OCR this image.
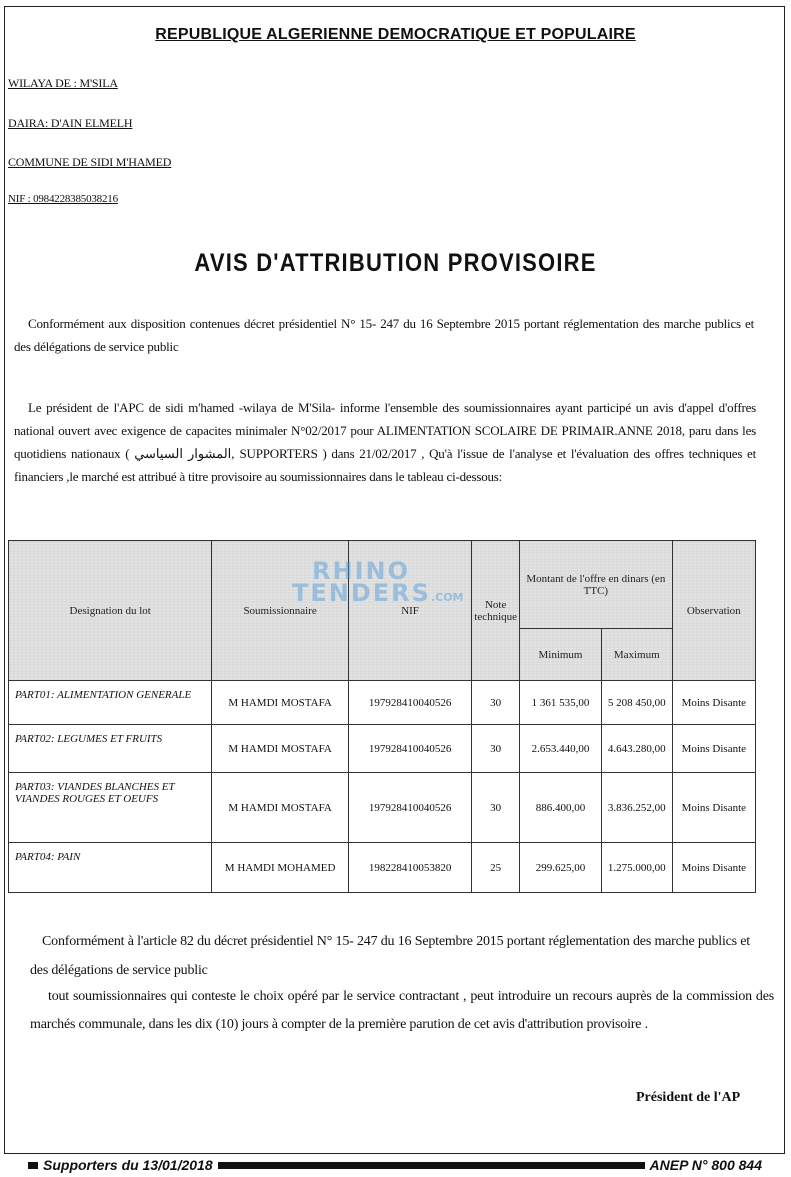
REPUBLIQUE ALGERIENNE DEMOCRATIQUE ET POPULAIRE
WILAYA DE : M'SILA
DAIRA: D'AIN ELMELH
COMMUNE DE SIDI M'HAMED
NIF : 0984228385038216
AVIS D'ATTRIBUTION PROVISOIRE

Conformément aux disposition contenues décret présidentiel N° 15- 247 du 16 Septembre 2015 portant réglementation des marche publics et des délégations de service public

Le président de l'APC de sidi m'hamed -wilaya de M'Sila- informe l'ensemble des soumissionnaires ayant participé un avis d'appel d'offres national ouvert avec exigence de capacites minimaler N°02/2017 pour ALIMENTATION SCOLAIRE DE PRIMAIR.ANNE 2018, paru dans les quotidiens nationaux ( المشوار السياسي, SUPPORTERS ) dans 21/02/2017 , Qu'à l'issue de l'analyse et l'évaluation des offres techniques et financiers ,le marché est attribué à titre provisoire au soumissionnaires dans le tableau ci-dessous:

Designation du lot	Soumissionnaire	NIF	Note technique	Montant de l'offre en dinars (en TTC)		Observation
				Minimum	Maximum	
PART01: ALIMENTATION GENERALE	M HAMDI MOSTAFA	197928410040526	30	1 361 535,00	5 208 450,00	Moins Disante
PART02: LEGUMES ET FRUITS	M HAMDI MOSTAFA	197928410040526	30	2.653.440,00	4.643.280,00	Moins Disante
PART03: VIANDES BLANCHES ET VIANDES ROUGES ET OEUFS	M HAMDI MOSTAFA	197928410040526	30	886.400,00	3.836.252,00	Moins Disante
PART04: PAIN	M HAMDI MOHAMED	198228410053820	25	299.625,00	1.275.000,00	Moins Disante
RHINO
TENDERS.COM

Conformément à l'article 82 du décret présidentiel N° 15- 247 du 16 Septembre 2015 portant réglementation des marche publics et des délégations de service public

tout soumissionnaires qui conteste le choix opéré par le service contractant , peut introduire un recours auprès de la commission des marchés communale, dans les dix (10) jours à compter de la première parution de cet avis d'attribution provisoire .

Président de l'AP
Supporters du 13/01/2018	ANEP N° 800 844
